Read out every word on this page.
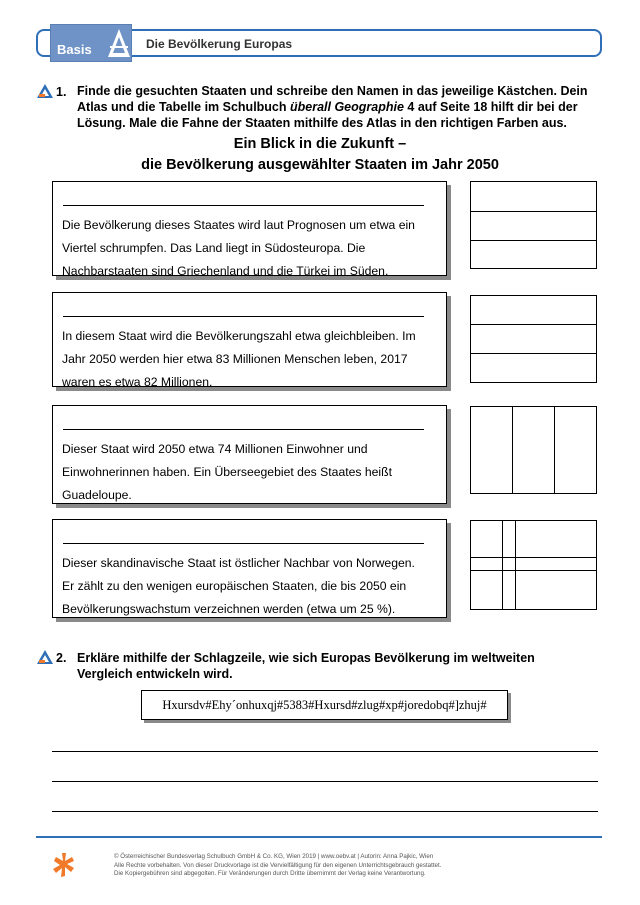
Basis	Die Bevölkerung Europas
1. Finde die gesuchten Staaten und schreibe den Namen in das jeweilige Kästchen. Dein
Atlas und die Tabelle im Schulbuch überall Geographie 4 auf Seite 18 hilft dir bei der
Lösung. Male die Fahne der Staaten mithilfe des Atlas in den richtigen Farben aus.
Ein Blick in die Zukunft –
die Bevölkerung ausgewählter Staaten im Jahr 2050
Die Bevölkerung dieses Staates wird laut Prognosen um etwa ein
Viertel schrumpfen. Das Land liegt in Südosteuropa. Die
Nachbarstaaten sind Griechenland und die Türkei im Süden.
In diesem Staat wird die Bevölkerungszahl etwa gleichbleiben. Im
Jahr 2050 werden hier etwa 83 Millionen Menschen leben, 2017
waren es etwa 82 Millionen.
Dieser Staat wird 2050 etwa 74 Millionen Einwohner und
Einwohnerinnen haben. Ein Überseegebiet des Staates heißt
Guadeloupe.
Dieser skandinavische Staat ist östlicher Nachbar von Norwegen.
Er zählt zu den wenigen europäischen Staaten, die bis 2050 ein
Bevölkerungswachstum verzeichnen werden (etwa um 25 %).
2. Erkläre mithilfe der Schlagzeile, wie sich Europas Bevölkerung im weltweiten
Vergleich entwickeln wird.
Hxursdv#Ehy´onhuxqj#5383#Hxursd#zlug#xp#joredobq#]zhuj#
© Österreichischer Bundesverlag Schulbuch GmbH & Co. KG, Wien 2019 | www.oebv.at | Autorin: Anna Pajkic, Wien
Alle Rechte vorbehalten. Von dieser Druckvorlage ist die Vervielfältigung für den eigenen Unterrichtsgebrauch gestattet.
Die Kopiergebühren sind abgegolten. Für Veränderungen durch Dritte übernimmt der Verlag keine Verantwortung.
